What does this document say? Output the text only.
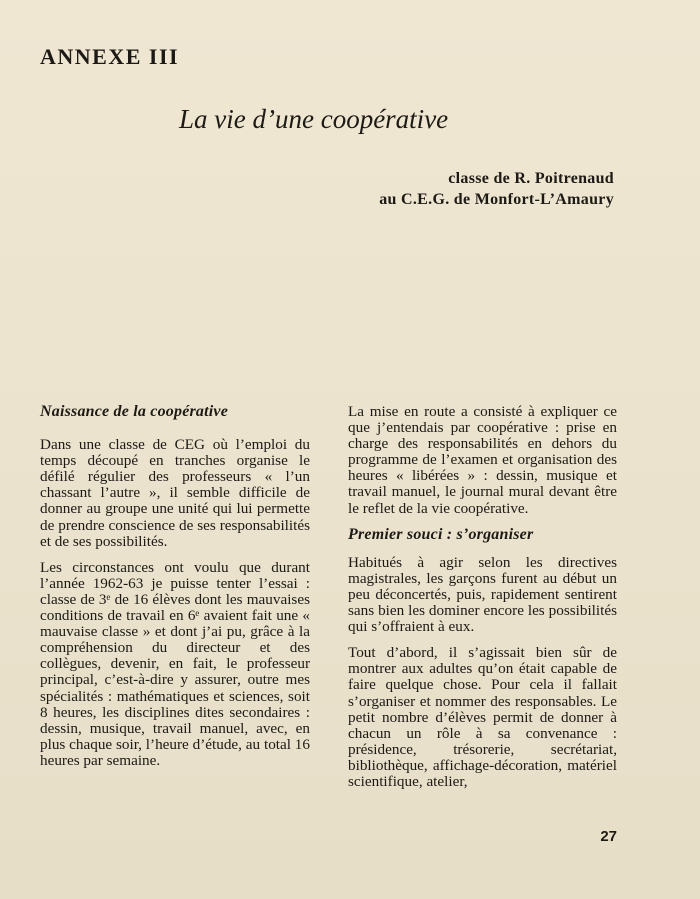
ANNEXE III
La vie d’une coopérative
classe de R. Poitrenaud
au C.E.G. de Monfort-L’Amaury
Naissance de la coopérative

Dans une classe de CEG où l’emploi du temps découpé en tranches organise le défilé régulier des professeurs « l’un chassant l’autre », il semble difficile de donner au groupe une unité qui lui permette de prendre conscience de ses responsabilités et de ses possibilités.

Les circonstances ont voulu que durant l’année 1962-63 je puisse tenter l’essai : classe de 3ᵉ de 16 élèves dont les mauvaises conditions de travail en 6ᵉ avaient fait une « mauvaise classe » et dont j’ai pu, grâce à la compréhension du directeur et des collègues, devenir, en fait, le professeur principal, c’est-à-dire y assurer, outre mes spécialités : mathématiques et sciences, soit 8 heures, les disciplines dites secondaires : dessin, musique, travail manuel, avec, en plus chaque soir, l’heure d’étude, au total 16 heures par semaine.

La mise en route a consisté à expliquer ce que j’entendais par coopérative : prise en charge des responsabilités en dehors du programme de l’examen et organisation des heures « libérées » : dessin, musique et travail manuel, le journal mural devant être le reflet de la vie coopérative.

Premier souci : s’organiser

Habitués à agir selon les directives magistrales, les garçons furent au début un peu déconcertés, puis, rapidement sentirent sans bien les dominer encore les possibilités qui s’offraient à eux.

Tout d’abord, il s’agissait bien sûr de montrer aux adultes qu’on était capable de faire quelque chose. Pour cela il fallait s’organiser et nommer des responsables. Le petit nombre d’élèves permit de donner à chacun un rôle à sa convenance : présidence, trésorerie, secrétariat, bibliothèque, affichage-décoration, matériel scientifique, atelier,

27
